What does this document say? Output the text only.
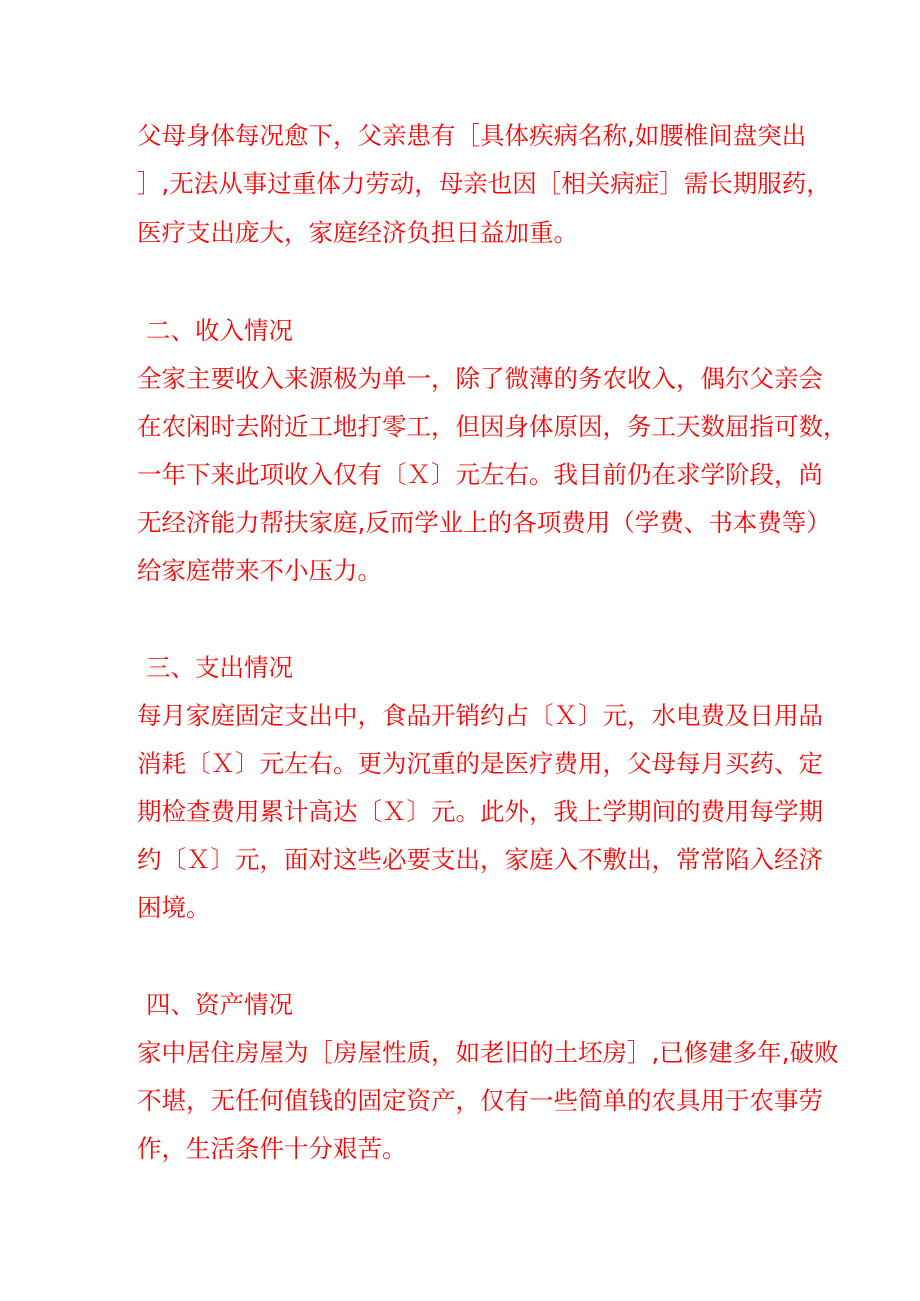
父母身体每况愈下，父亲患有［具体疾病名称,如腰椎间盘突出
］,无法从事过重体力劳动，母亲也因［相关病症］需长期服药，
医疗支出庞大，家庭经济负担日益加重。
二、收入情况
全家主要收入来源极为单一，除了微薄的务农收入，偶尔父亲会
在农闲时去附近工地打零工，但因身体原因，务工天数屈指可数，
一年下来此项收入仅有〔Ｘ〕元左右。我目前仍在求学阶段，尚
无经济能力帮扶家庭,反而学业上的各项费用（学费、书本费等）
给家庭带来不小压力。
三、支出情况
每月家庭固定支出中，食品开销约占〔Ｘ〕元，水电费及日用品
消耗〔Ｘ〕元左右。更为沉重的是医疗费用，父母每月买药、定
期检查费用累计高达〔Ｘ〕元。此外，我上学期间的费用每学期
约〔Ｘ〕元，面对这些必要支出，家庭入不敷出，常常陷入经济
困境。
四、资产情况
家中居住房屋为［房屋性质，如老旧的土坯房］,已修建多年,破败
不堪，无任何值钱的固定资产，仅有一些简单的农具用于农事劳
作，生活条件十分艰苦。
